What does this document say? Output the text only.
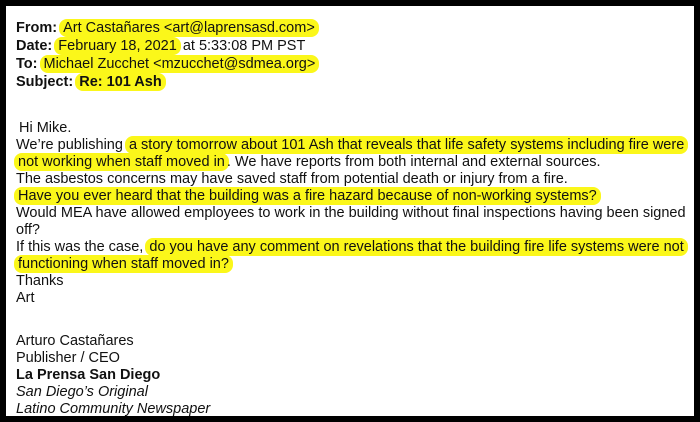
From: Art Castañares <art@laprensasd.com>
Date: February 18, 2021 at 5:33:08 PM PST
To: Michael Zucchet <mzucchet@sdmea.org>
Subject: Re: 101 Ash
Hi Mike.
We’re publishing a story tomorrow about 101 Ash that reveals that life safety systems including fire were
not working when staff moved in . We have reports from both internal and external sources.
The asbestos concerns may have saved staff from potential death or injury from a fire.
Have you ever heard that the building was a fire hazard because of non-working systems?
Would MEA have allowed employees to work in the building without final inspections having been signed
off?
If this was the case, do you have any comment on revelations that the building fire life systems were not
functioning when staff moved in?
Thanks
Art
Arturo Castañares
Publisher / CEO
La Prensa San Diego
San Diego’s Original
Latino Community Newspaper
